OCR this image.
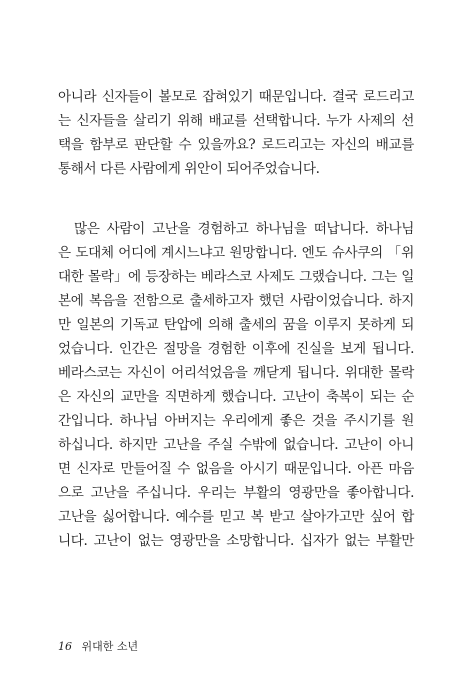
아니라 신자들이 볼모로 잡혀있기 때문입니다. 결국 로드리고
는 신자들을 살리기 위해 배교를 선택합니다. 누가 사제의 선
택을 함부로 판단할 수 있을까요? 로드리고는 자신의 배교를
통해서 다른 사람에게 위안이 되어주었습니다.
많은 사람이 고난을 경험하고 하나님을 떠납니다. 하나님
은 도대체 어디에 계시느냐고 원망합니다. 엔도 슈사쿠의 「위
대한 몰락」에 등장하는 베라스코 사제도 그랬습니다. 그는 일
본에 복음을 전함으로 출세하고자 했던 사람이었습니다. 하지
만 일본의 기독교 탄압에 의해 출세의 꿈을 이루지 못하게 되
었습니다. 인간은 절망을 경험한 이후에 진실을 보게 됩니다.
베라스코는 자신이 어리석었음을 깨닫게 됩니다. 위대한 몰락
은 자신의 교만을 직면하게 했습니다. 고난이 축복이 되는 순
간입니다. 하나님 아버지는 우리에게 좋은 것을 주시기를 원
하십니다. 하지만 고난을 주실 수밖에 없습니다. 고난이 아니
면 신자로 만들어질 수 없음을 아시기 때문입니다. 아픈 마음
으로 고난을 주십니다. 우리는 부활의 영광만을 좋아합니다.
고난을 싫어합니다. 예수를 믿고 복 받고 살아가고만 싶어 합
니다. 고난이 없는 영광만을 소망합니다. 십자가 없는 부활만
16 위대한 소년
